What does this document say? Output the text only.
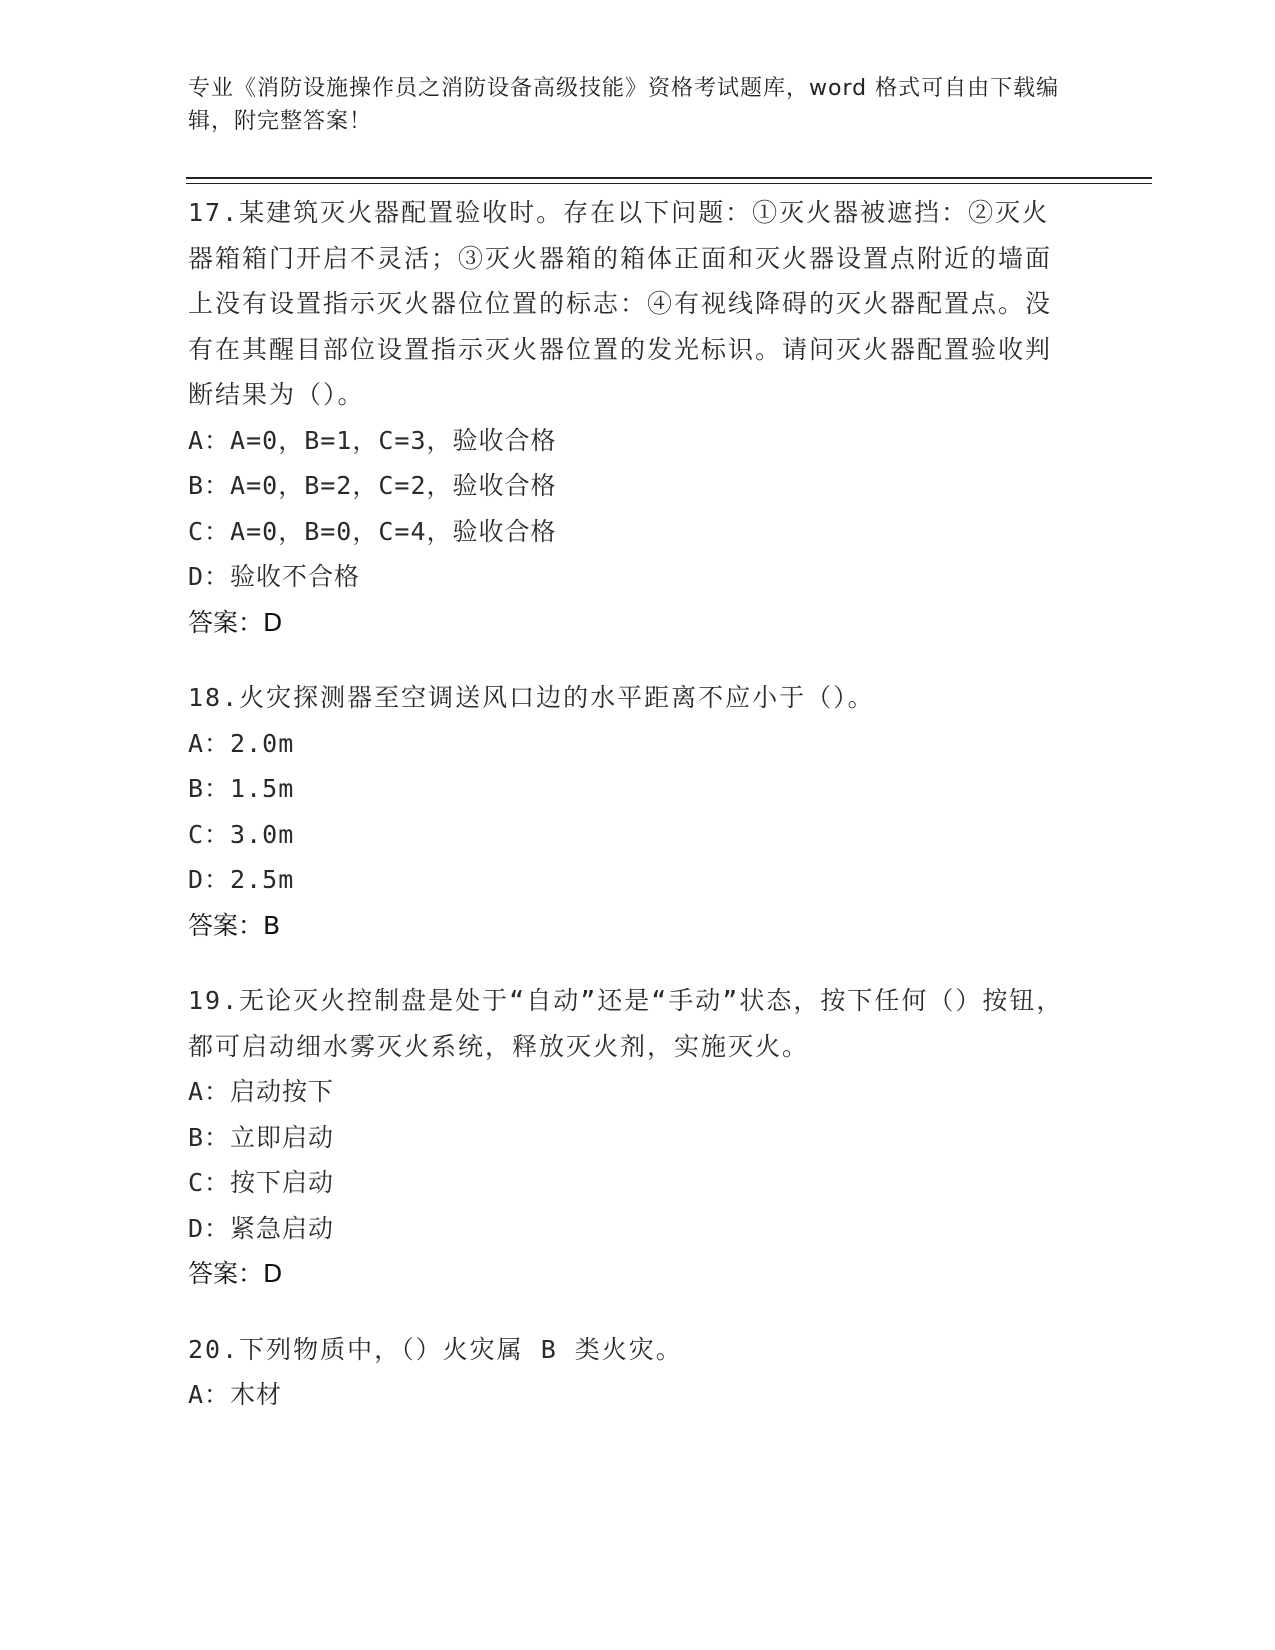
专业《消防设施操作员之消防设备高级技能》资格考试题库，word 格式可自由下载编辑，附完整答案！
17.某建筑灭火器配置验收时。存在以下问题：①灭火器被遮挡：②灭火器箱箱门开启不灵活；③灭火器箱的箱体正面和灭火器设置点附近的墙面上没有设置指示灭火器位位置的标志：④有视线降碍的灭火器配置点。没有在其醒目部位设置指示灭火器位置的发光标识。请问灭火器配置验收判断结果为（）。
A：A=0，B=1，C=3，验收合格
B：A=0，B=2，C=2，验收合格
C：A=0，B=0，C=4，验收合格
D：验收不合格
答案：D
18.火灾探测器至空调送风口边的水平距离不应小于（）。
A：2.0m
B：1.5m
C：3.0m
D：2.5m
答案：B
19.无论灭火控制盘是处于“自动”还是“手动”状态，按下任何（）按钮，都可启动细水雾灭火系统，释放灭火剂，实施灭火。
A：启动按下
B：立即启动
C：按下启动
D：紧急启动
答案：D
20.下列物质中，（）火灾属 B 类火灾。
A：木材
